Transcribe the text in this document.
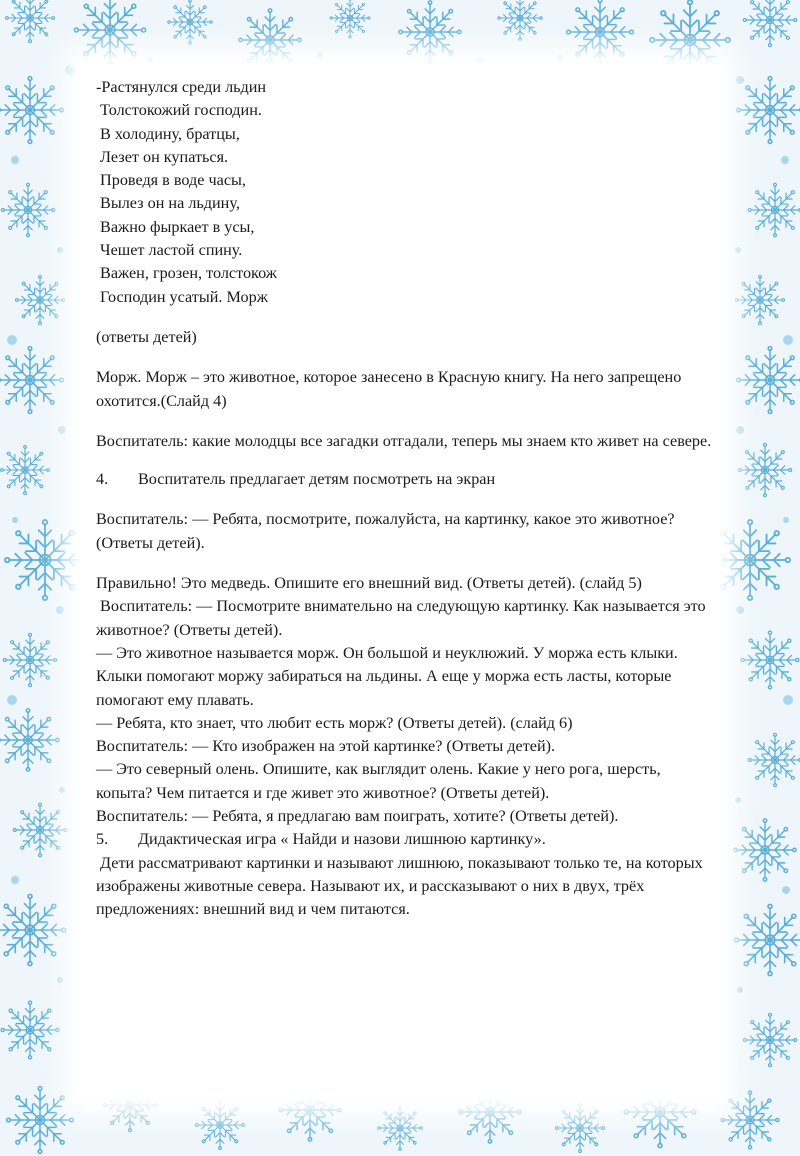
-Растянулся среди льдин
Толстокожий господин.
В холодину, братцы,
Лезет он купаться.
Проведя в воде часы,
Вылез он на льдину,
Важно фыркает в усы,
Чешет ластой спину.
Важен, грозен, толстокож
Господин усатый. Морж

(ответы детей)

Морж. Морж – это животное, которое занесено в Красную книгу. На него запрещено охотится.(Слайд 4)

Воспитатель: какие молодцы все загадки отгадали, теперь мы знаем кто живет на севере.

4.	Воспитатель предлагает детям посмотреть на экран

Воспитатель: — Ребята, посмотрите, пожалуйста, на картинку, какое это животное?(Ответы детей).

Правильно! Это медведь. Опишите его внешний вид. (Ответы детей). (слайд 5)

Воспитатель: — Посмотрите внимательно на следующую картинку. Как называется это животное? (Ответы детей).

— Это животное называется морж. Он большой и неуклюжий. У моржа есть клыки. Клыки помогают моржу забираться на льдины. А еще у моржа есть ласты, которые помогают ему плавать.

— Ребята, кто знает, что любит есть морж? (Ответы детей). (слайд 6)

Воспитатель: — Кто изображен на этой картинке? (Ответы детей).

— Это северный олень. Опишите, как выглядит олень. Какие у него рога, шерсть, копыта? Чем питается и где живет это животное? (Ответы детей).

Воспитатель: — Ребята, я предлагаю вам поиграть, хотите? (Ответы детей).

5.	Дидактическая игра « Найди и назови лишнюю картинку».

Дети рассматривают картинки и называют лишнюю, показывают только те, на которых изображены животные севера. Называют их, и рассказывают о них в двух, трёх предложениях: внешний вид и чем питаются.
